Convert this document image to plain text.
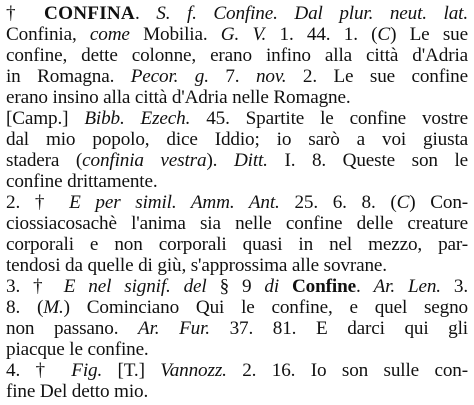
† CONFINA. S. f. Confine. Dal plur. neut. lat.
Confinia, come Mobilia. G. V. 1. 44. 1. (C) Le sue
confine, dette colonne, erano infino alla città d'Adria
in Romagna. Pecor. g. 7. nov. 2. Le sue confine
erano insino alla città d'Adria nelle Romagne.
[Camp.] Bibb. Ezech. 45. Spartite le confine vostre
dal mio popolo, dice Iddio; io sarò a voi giusta
stadera (confinia vestra). Ditt. I. 8. Queste son le
confine drittamente.
2. † E per simil. Amm. Ant. 25. 6. 8. (C) Con-
ciossiacosachè l'anima sia nelle confine delle creature
corporali e non corporali quasi in nel mezzo, par-
tendosi da quelle di giù, s'approssima alle sovrane.
3. † E nel signif. del § 9 di Confine. Ar. Len. 3.
8. (M.) Cominciano Qui le confine, e quel segno
non passano. Ar. Fur. 37. 81. E darci qui gli
piacque le confine.
4. † Fig. [T.] Vannozz. 2. 16. Io son sulle con-
fine Del detto mio.
